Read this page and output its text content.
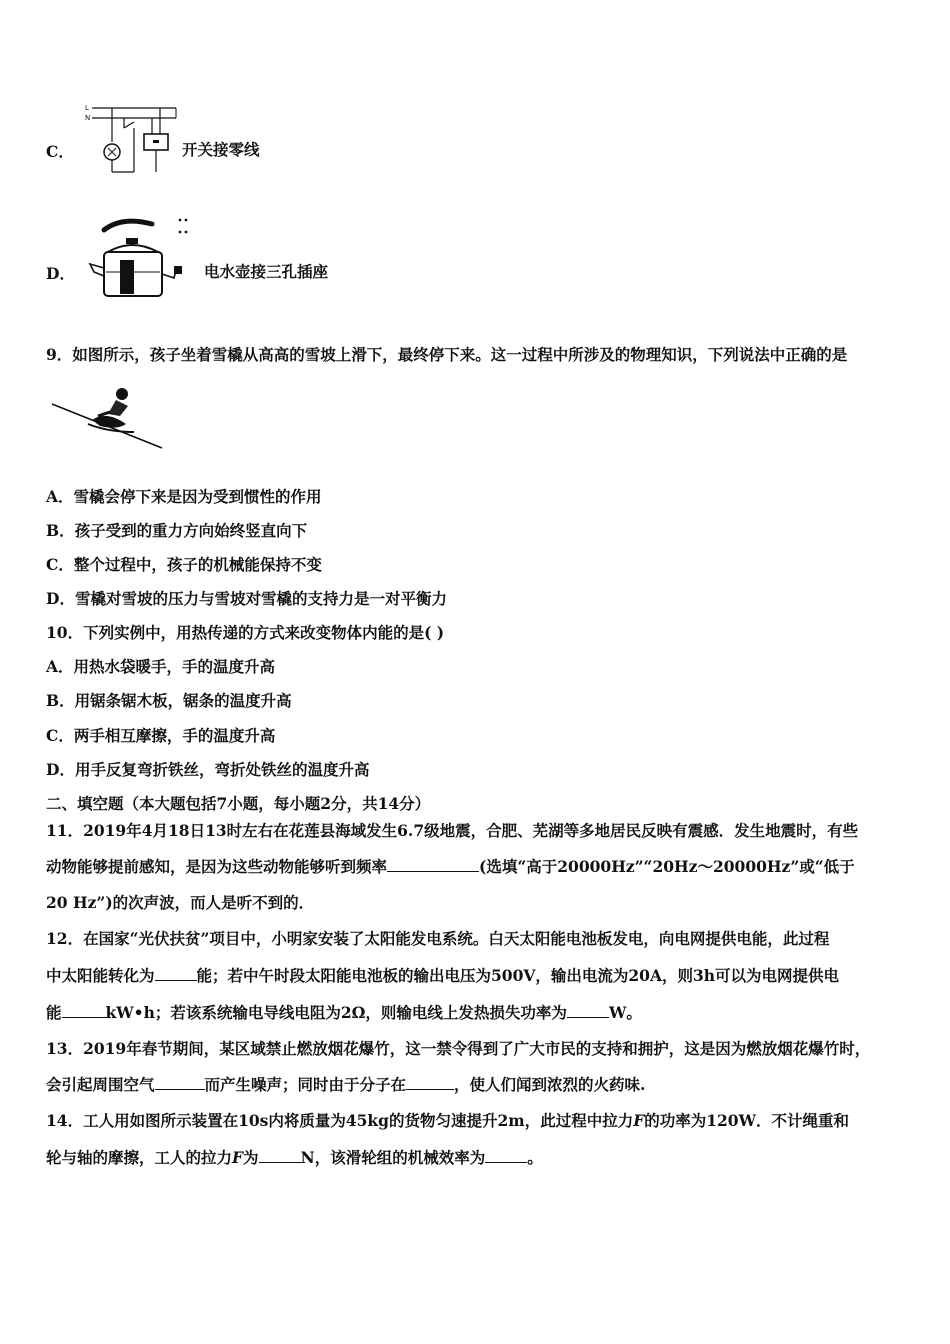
C．
L
N
开关接零线
D．	电水壶接三孔插座
9．如图所示，孩子坐着雪橇从高高的雪坡上滑下，最终停下来。这一过程中所涉及的物理知识，下列说法中正确的是
A．雪橇会停下来是因为受到惯性的作用
B．孩子受到的重力方向始终竖直向下
C．整个过程中，孩子的机械能保持不变
D．雪橇对雪坡的压力与雪坡对雪橇的支持力是一对平衡力
10．下列实例中，用热传递的方式来改变物体内能的是( )
A．用热水袋暖手，手的温度升高
B．用锯条锯木板，锯条的温度升高
C．两手相互摩擦，手的温度升高
D．用手反复弯折铁丝，弯折处铁丝的温度升高
二、填空题（本大题包括7小题，每小题2分，共14分）
11．2019年4月18日13时左右在花莲县海域发生6.7级地震，合肥、芜湖等多地居民反映有震感．发生地震时，有些
动物能够提前感知，是因为这些动物能够听到频率	(选填“高于20000Hz”“20Hz～20000Hz”或“低于
20 Hz”)的次声波，而人是听不到的．
12．在国家“光伏扶贫”项目中，小明家安装了太阳能发电系统。白天太阳能电池板发电，向电网提供电能，此过程
中太阳能转化为	能；若中午时段太阳能电池板的输出电压为500V，输出电流为20A，则3h可以为电网提供电
能	kW•h；若该系统输电导线电阻为2Ω，则输电线上发热损失功率为	W。
13．2019年春节期间，某区域禁止燃放烟花爆竹，这一禁令得到了广大市民的支持和拥护，这是因为燃放烟花爆竹时，
会引起周围空气	而产生噪声；同时由于分子在	，使人们闻到浓烈的火药味.
14．工人用如图所示装置在10s内将质量为45kg的货物匀速提升2m，此过程中拉力F的功率为120W．不计绳重和
轮与轴的摩擦，工人的拉力F为	N，该滑轮组的机械效率为	。
